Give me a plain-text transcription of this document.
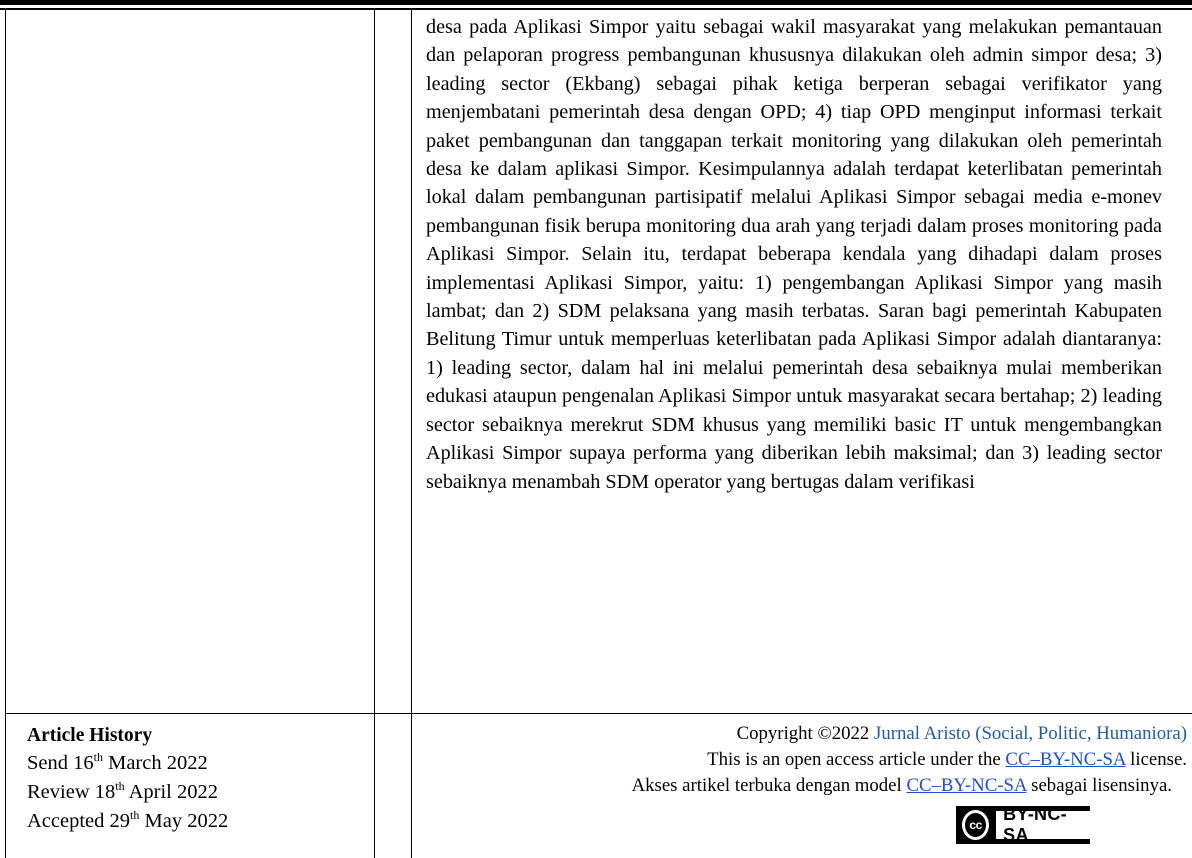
desa pada Aplikasi Simpor yaitu sebagai wakil masyarakat yang melakukan pemantauan dan pelaporan progress pembangunan khususnya dilakukan oleh admin simpor desa; 3) leading sector (Ekbang) sebagai pihak ketiga berperan sebagai verifikator yang menjembatani pemerintah desa dengan OPD; 4) tiap OPD menginput informasi terkait paket pembangunan dan tanggapan terkait monitoring yang dilakukan oleh pemerintah desa ke dalam aplikasi Simpor. Kesimpulannya adalah terdapat keterlibatan pemerintah lokal dalam pembangunan partisipatif melalui Aplikasi Simpor sebagai media e-monev pembangunan fisik berupa monitoring dua arah yang terjadi dalam proses monitoring pada Aplikasi Simpor. Selain itu, terdapat beberapa kendala yang dihadapi dalam proses implementasi Aplikasi Simpor, yaitu: 1) pengembangan Aplikasi Simpor yang masih lambat; dan 2) SDM pelaksana yang masih terbatas. Saran bagi pemerintah Kabupaten Belitung Timur untuk memperluas keterlibatan pada Aplikasi Simpor adalah diantaranya: 1) leading sector, dalam hal ini melalui pemerintah desa sebaiknya mulai memberikan edukasi ataupun pengenalan Aplikasi Simpor untuk masyarakat secara bertahap; 2) leading sector sebaiknya merekrut SDM khusus yang memiliki basic IT untuk mengembangkan Aplikasi Simpor supaya performa yang diberikan lebih maksimal; dan 3) leading sector sebaiknya menambah SDM operator yang bertugas dalam verifikasi

Article History
Send 16th March 2022
Review 18th April 2022
Accepted 29th May 2022
Copyright ©2022 Jurnal Aristo (Social, Politic, Humaniora)
This is an open access article under the CC–BY-NC-SA license.
Akses artikel terbuka dengan model CC–BY-NC-SA sebagai lisensinya.
cc
BY-NC-SA
